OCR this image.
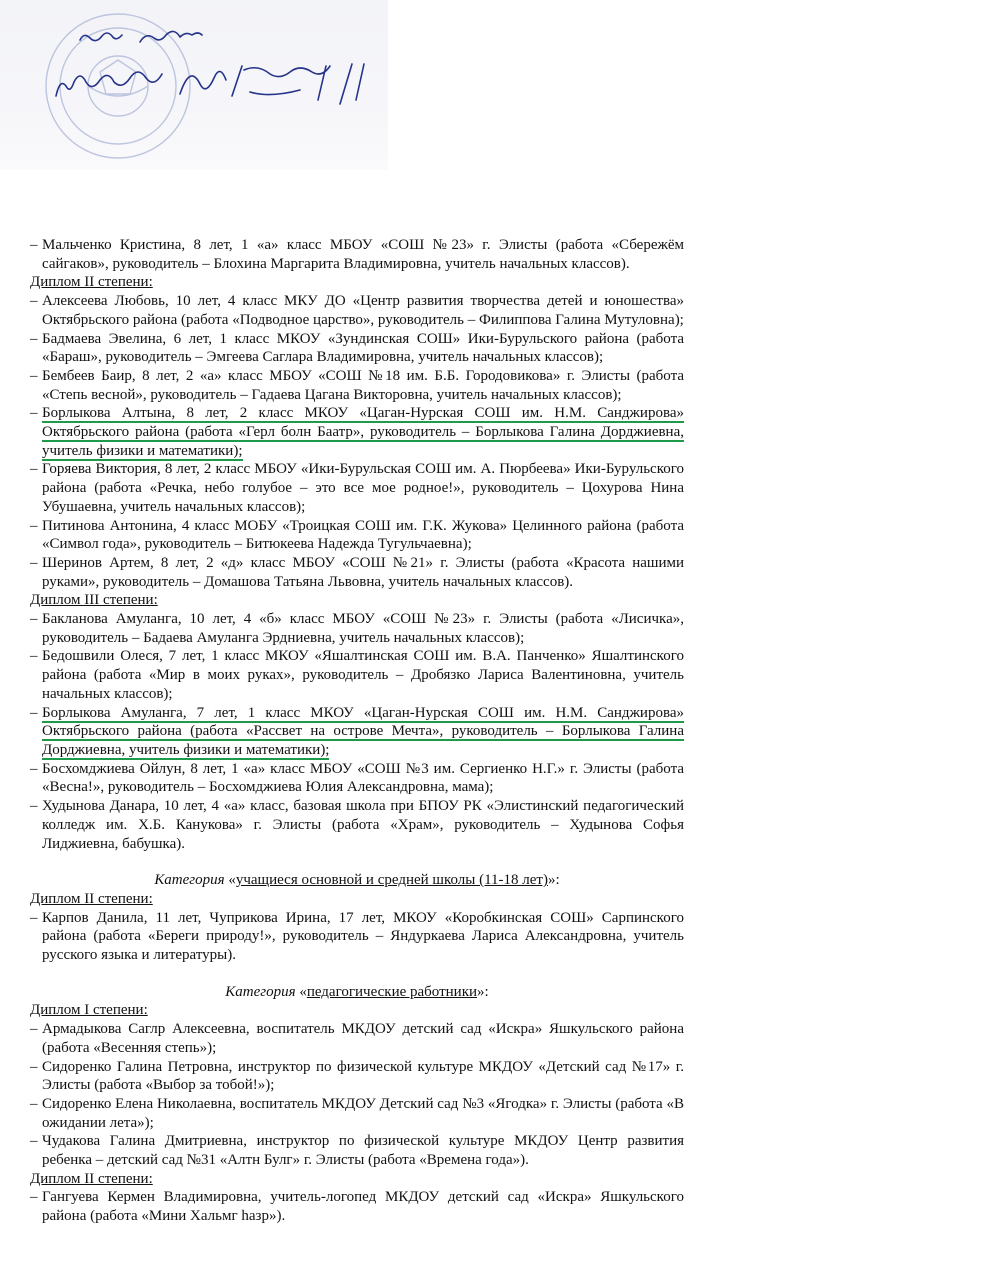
– Мальченко Кристина, 8 лет, 1 «а» класс МБОУ «СОШ №23» г. Элисты (работа «Сбережём сайгаков», руководитель – Блохина Маргарита Владимировна, учитель начальных классов).
Диплом II степени:
– Алексеева Любовь, 10 лет, 4 класс МКУ ДО «Центр развития творчества детей и юношества» Октябрьского района (работа «Подводное царство», руководитель – Филиппова Галина Мутуловна);
– Бадмаева Эвелина, 6 лет, 1 класс МКОУ «Зундинская СОШ» Ики-Бурульского района (работа «Бараш», руководитель – Эмгеева Саглара Владимировна, учитель начальных классов);
– Бембеев Баир, 8 лет, 2 «а» класс МБОУ «СОШ №18 им. Б.Б. Городовикова» г. Элисты (работа «Степь весной», руководитель – Гадаева Цагана Викторовна, учитель начальных классов);
– Борлыкова Алтына, 8 лет, 2 класс МКОУ «Цаган-Нурская СОШ им. Н.М. Санджирова» Октябрьского района (работа «Герл болн Баатр», руководитель – Борлыкова Галина Дорджиевна, учитель физики и математики);
– Горяева Виктория, 8 лет, 2 класс МБОУ «Ики-Бурульская СОШ им. А. Пюрбеева» Ики-Бурульского района (работа «Речка, небо голубое – это все мое родное!», руководитель – Цохурова Нина Убушаевна, учитель начальных классов);
– Питинова Антонина, 4 класс МОБУ «Троицкая СОШ им. Г.К. Жукова» Целинного района (работа «Символ года», руководитель – Битюкеева Надежда Тугульчаевна);
– Шеринов Артем, 8 лет, 2 «д» класс МБОУ «СОШ №21» г. Элисты (работа «Красота нашими руками», руководитель – Домашова Татьяна Львовна, учитель начальных классов).
Диплом III степени:
– Бакланова Амуланга, 10 лет, 4 «б» класс МБОУ «СОШ №23» г. Элисты (работа «Лисичка», руководитель – Бадаева Амуланга Эрдниевна, учитель начальных классов);
– Бедошвили Олеся, 7 лет, 1 класс МКОУ «Яшалтинская СОШ им. В.А. Панченко» Яшалтинского района (работа «Мир в моих руках», руководитель – Дробязко Лариса Валентиновна, учитель начальных классов);
– Борлыкова Амуланга, 7 лет, 1 класс МКОУ «Цаган-Нурская СОШ им. Н.М. Санджирова» Октябрьского района (работа «Рассвет на острове Мечта», руководитель – Борлыкова Галина Дорджиевна, учитель физики и математики);
– Босхомджиева Ойлун, 8 лет, 1 «а» класс МБОУ «СОШ №3 им. Сергиенко Н.Г.» г. Элисты (работа «Весна!», руководитель – Босхомджиева Юлия Александровна, мама);
– Худынова Данара, 10 лет, 4 «а» класс, базовая школа при БПОУ РК «Элистинский педагогический колледж им. Х.Б. Канукова» г. Элисты (работа «Храм», руководитель – Худынова Софья Лиджиевна, бабушка).
Категория «учащиеся основной и средней школы (11-18 лет)»:
Диплом II степени:
– Карпов Данила, 11 лет, Чуприкова Ирина, 17 лет, МКОУ «Коробкинская СОШ» Сарпинского района (работа «Береги природу!», руководитель – Яндуркаева Лариса Александровна, учитель русского языка и литературы).
Категория «педагогические работники»:
Диплом I степени:
– Армадыкова Саглр Алексеевна, воспитатель МКДОУ детский сад «Искра» Яшкульского района (работа «Весенняя степь»);
– Сидоренко Галина Петровна, инструктор по физической культуре МКДОУ «Детский сад №17» г. Элисты (работа «Выбор за тобой!»);
– Сидоренко Елена Николаевна, воспитатель МКДОУ Детский сад №3 «Ягодка» г. Элисты (работа «В ожидании лета»);
– Чудакова Галина Дмитриевна, инструктор по физической культуре МКДОУ Центр развития ребенка – детский сад №31 «Алтн Булг» г. Элисты (работа «Времена года»).
Диплом II степени:
– Гангуева Кермен Владимировна, учитель-логопед МКДОУ детский сад «Искра» Яшкульского района (работа «Мини Хальмг һазр»).
